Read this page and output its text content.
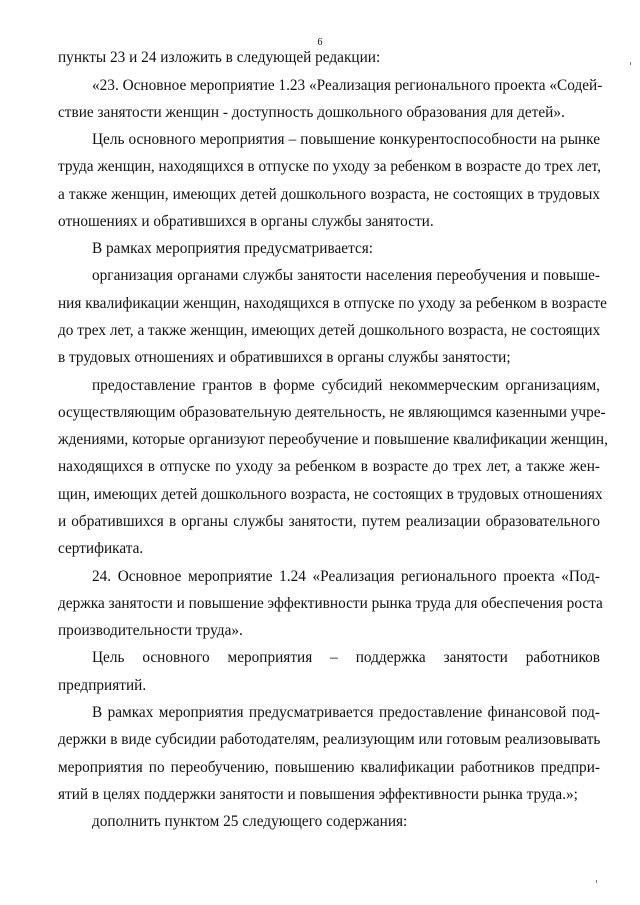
6
пункты 23 и 24 изложить в следующей редакции:
«23. Основное мероприятие 1.23 «Реализация регионального проекта «Содей-
ствие занятости женщин - доступность дошкольного образования для детей».
Цель основного мероприятия – повышение конкурентоспособности на рынке
труда женщин, находящихся в отпуске по уходу за ребенком в возрасте до трех лет,
а также женщин, имеющих детей дошкольного возраста, не состоящих в трудовых
отношениях и обратившихся в органы службы занятости.
В рамках мероприятия предусматривается:
организация органами службы занятости населения переобучения и повыше-
ния квалификации женщин, находящихся в отпуске по уходу за ребенком в возрасте
до трех лет, а также женщин, имеющих детей дошкольного возраста, не состоящих
в трудовых отношениях и обратившихся в органы службы занятости;
предоставление грантов в форме субсидий некоммерческим организациям,
осуществляющим образовательную деятельность, не являющимся казенными учре-
ждениями, которые организуют переобучение и повышение квалификации женщин,
находящихся в отпуске по уходу за ребенком в возрасте до трех лет, а также жен-
щин, имеющих детей дошкольного возраста, не состоящих в трудовых отношениях
и обратившихся в органы службы занятости, путем реализации образовательного
сертификата.
24. Основное мероприятие 1.24 «Реализация регионального проекта «Под-
держка занятости и повышение эффективности рынка труда для обеспечения роста
производительности труда».
Цель основного мероприятия – поддержка занятости работников
предприятий.
В рамках мероприятия предусматривается предоставление финансовой под-
держки в виде субсидии работодателям, реализующим или готовым реализовывать
мероприятия по переобучению, повышению квалификации работников предпри-
ятий в целях поддержки занятости и повышения эффективности рынка труда.»;
дополнить пунктом 25 следующего содержания:
